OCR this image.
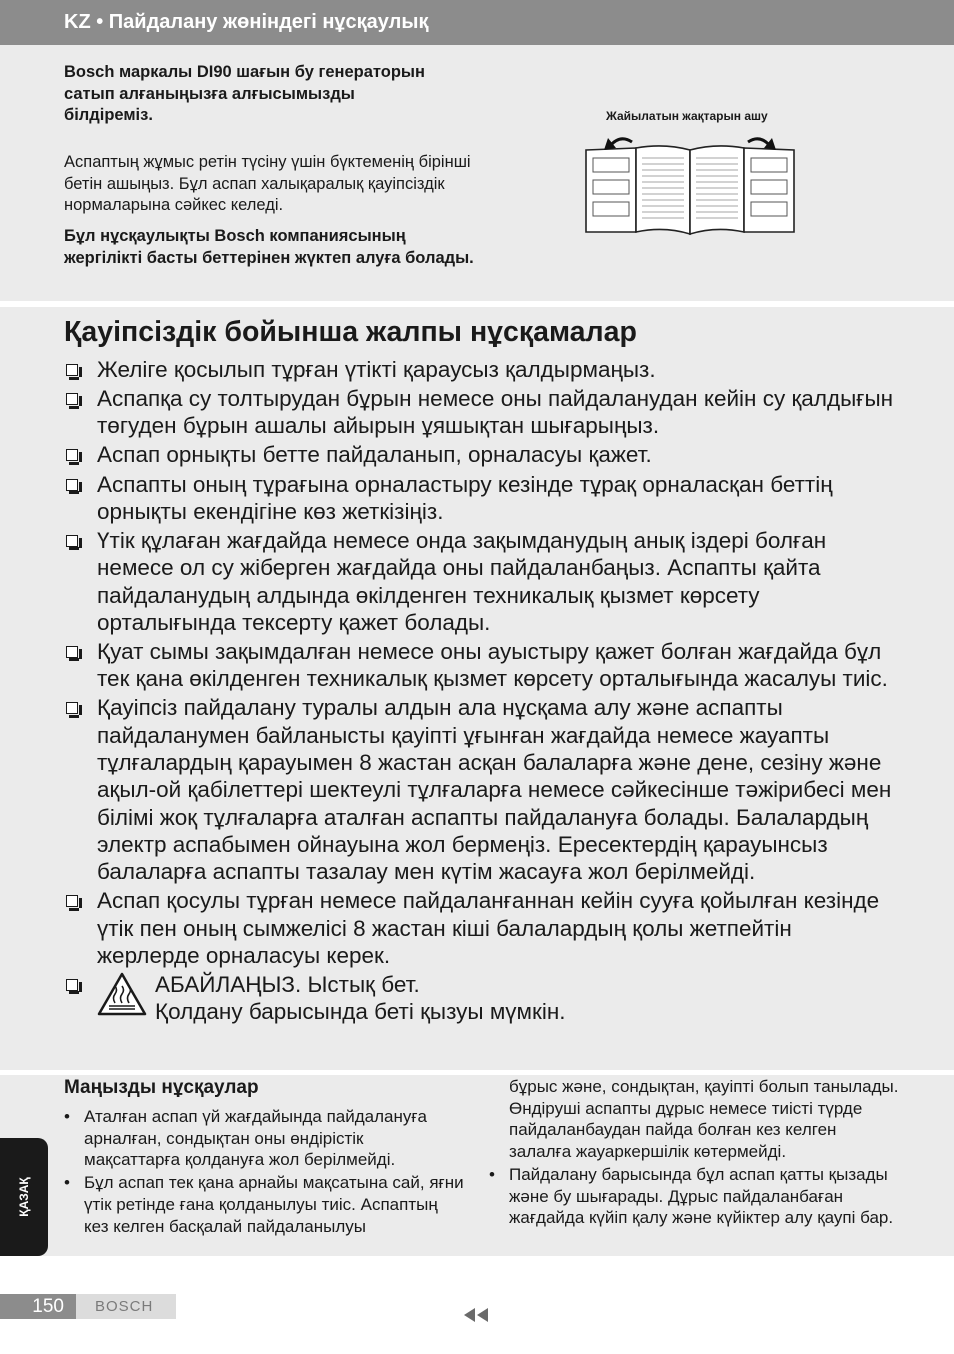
KZ • Пайдалану жөніндегі нұсқаулық
Bosch маркалы DI90 шағын бу генераторын сатып алғаныңызға алғысымызды білдіреміз.
Аспаптың жұмыс ретін түсіну үшін бүктеменің бірінші бетін ашыңыз. Бұл аспап халықаралық қауіпсіздік нормаларына сәйкес келеді.
Бұл нұсқаулықты Bosch компаниясының жергілікті басты беттерінен жүктеп алуға болады.
Жайылатын жақтарын ашу
Қауіпсіздік бойынша жалпы нұсқамалар
Желіге қосылып тұрған үтікті қараусыз қалдырмаңыз.
Аспапқа су толтырудан бұрын немесе оны пайдаланудан кейін су қалдығын төгуден бұрын ашалы айырын ұяшықтан шығарыңыз.
Аспап орнықты бетте пайдаланып, орналасуы қажет.
Аспапты оның тұрағына орналастыру кезінде тұрақ орналасқан беттің орнықты екендігіне көз жеткізіңіз.
Үтік құлаған жағдайда немесе онда зақымданудың анық іздері болған немесе ол су жіберген жағдайда оны пайдаланбаңыз. Аспапты қайта пайдаланудың алдында өкілденген техникалық қызмет көрсету орталығында тексерту қажет болады.
Қуат сымы зақымдалған немесе оны ауыстыру қажет болған жағдайда бұл тек қана өкілденген техникалық қызмет көрсету орталығында жасалуы тиіс.
Қауіпсіз пайдалану туралы алдын ала нұсқама алу және аспапты пайдаланумен байланысты қауіпті ұғынған жағдайда немесе жауапты тұлғалардың қарауымен 8 жастан асқан балаларға және дене, сезіну және ақыл-ой қабілеттері шектеулі тұлғаларға немесе сәйкесінше тәжірибесі мен білімі жоқ тұлғаларға аталған аспапты пайдалануға болады. Балалардың электр аспабымен ойнауына жол бермеңіз. Ересектердің қарауынсыз балаларға аспапты тазалау мен күтім жасауға жол берілмейді.
Аспап қосулы тұрған немесе пайдаланғаннан кейін сууға қойылған кезінде үтік пен оның сымжелісі 8 жастан кіші балалардың қолы жетпейтін жерлерде орналасуы керек.
АБАЙЛАҢЫЗ. Ыстық бет.
Қолдану барысында беті қызуы мүмкін.
Маңызды нұсқаулар
• Аталған аспап үй жағдайында пайдалануға арналған, сондықтан оны өндірістік мақсаттарға қолдануға жол берілмейді.
• Бұл аспап тек қана арнайы мақсатына сай, яғни үтік ретінде ғана қолданылуы тиіс. Аспаптың кез келген басқалай пайдаланылуы
бұрыс және, сондықтан, қауіпті болып танылады. Өндіруші аспапты дұрыс немесе тиісті түрде пайдаланбаудан пайда болған кез келген залалға жауаркершілік көтермейді.
• Пайдалану барысында бұл аспап қатты қызады және бу шығарады. Дұрыс пайдаланбаған жағдайда күйіп қалу және күйіктер алу қаупі бар.
ҚАЗАҚ
150	BOSCH
